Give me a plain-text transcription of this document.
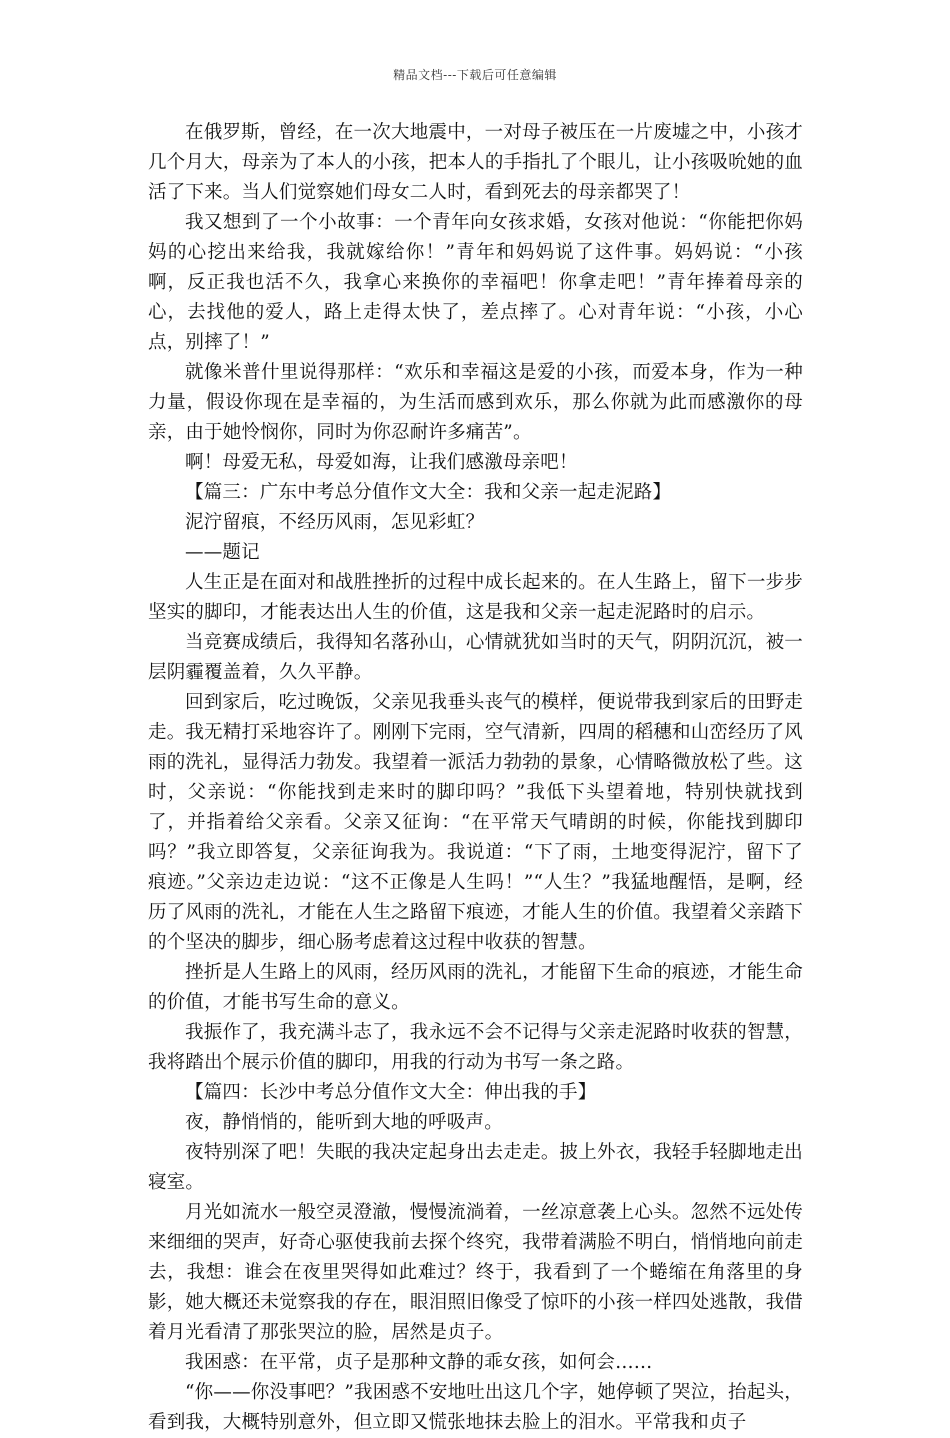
精品文档---下载后可任意编辑

在俄罗斯，曾经，在一次大地震中，一对母子被压在一片废墟之中，小孩才几个月大，母亲为了本人的小孩，把本人的手指扎了个眼儿，让小孩吸吮她的血活了下来。当人们觉察她们母女二人时，看到死去的母亲都哭了！

我又想到了一个小故事：一个青年向女孩求婚，女孩对他说：“你能把你妈妈的心挖出来给我，我就嫁给你！”青年和妈妈说了这件事。妈妈说：“小孩啊，反正我也活不久，我拿心来换你的幸福吧！你拿走吧！”青年捧着母亲的心，去找他的爱人，路上走得太快了，差点摔了。心对青年说：“小孩，小心点，别摔了！”

就像米普什里说得那样：“欢乐和幸福这是爱的小孩，而爱本身，作为一种力量，假设你现在是幸福的，为生活而感到欢乐，那么你就为此而感激你的母亲，由于她怜悯你，同时为你忍耐许多痛苦”。

啊！母爱无私，母爱如海，让我们感激母亲吧！

【篇三：广东中考总分值作文大全：我和父亲一起走泥路】

泥泞留痕，不经历风雨，怎见彩虹？

——题记

人生正是在面对和战胜挫折的过程中成长起来的。在人生路上，留下一步步坚实的脚印，才能表达出人生的价值，这是我和父亲一起走泥路时的启示。

当竞赛成绩后，我得知名落孙山，心情就犹如当时的天气，阴阴沉沉，被一层阴霾覆盖着，久久平静。

回到家后，吃过晚饭，父亲见我垂头丧气的模样，便说带我到家后的田野走走。我无精打采地容许了。刚刚下完雨，空气清新，四周的稻穗和山峦经历了风雨的洗礼，显得活力勃发。我望着一派活力勃勃的景象，心情略微放松了些。这时，父亲说：“你能找到走来时的脚印吗？”我低下头望着地，特别快就找到了，并指着给父亲看。父亲又征询：“在平常天气晴朗的时候，你能找到脚印吗？”我立即答复，父亲征询我为。我说道：“下了雨，土地变得泥泞，留下了痕迹。”父亲边走边说：“这不正像是人生吗！”“人生？”我猛地醒悟，是啊，经历了风雨的洗礼，才能在人生之路留下痕迹，才能人生的价值。我望着父亲踏下的个坚决的脚步，细心肠考虑着这过程中收获的智慧。

挫折是人生路上的风雨，经历风雨的洗礼，才能留下生命的痕迹，才能生命的价值，才能书写生命的意义。

我振作了，我充满斗志了，我永远不会不记得与父亲走泥路时收获的智慧，我将踏出个展示价值的脚印，用我的行动为书写一条之路。

【篇四：长沙中考总分值作文大全：伸出我的手】

夜，静悄悄的，能听到大地的呼吸声。

夜特别深了吧！失眠的我决定起身出去走走。披上外衣，我轻手轻脚地走出寝室。

月光如流水一般空灵澄澈，慢慢流淌着，一丝凉意袭上心头。忽然不远处传来细细的哭声，好奇心驱使我前去探个终究，我带着满脸不明白，悄悄地向前走去，我想：谁会在夜里哭得如此难过？终于，我看到了一个蜷缩在角落里的身影，她大概还未觉察我的存在，眼泪照旧像受了惊吓的小孩一样四处逃散，我借着月光看清了那张哭泣的脸，居然是贞子。

我困惑：在平常，贞子是那种文静的乖女孩，如何会……

“你——你没事吧？”我困惑不安地吐出这几个字，她停顿了哭泣，抬起头，看到我，大概特别意外，但立即又慌张地抹去脸上的泪水。平常我和贞子
